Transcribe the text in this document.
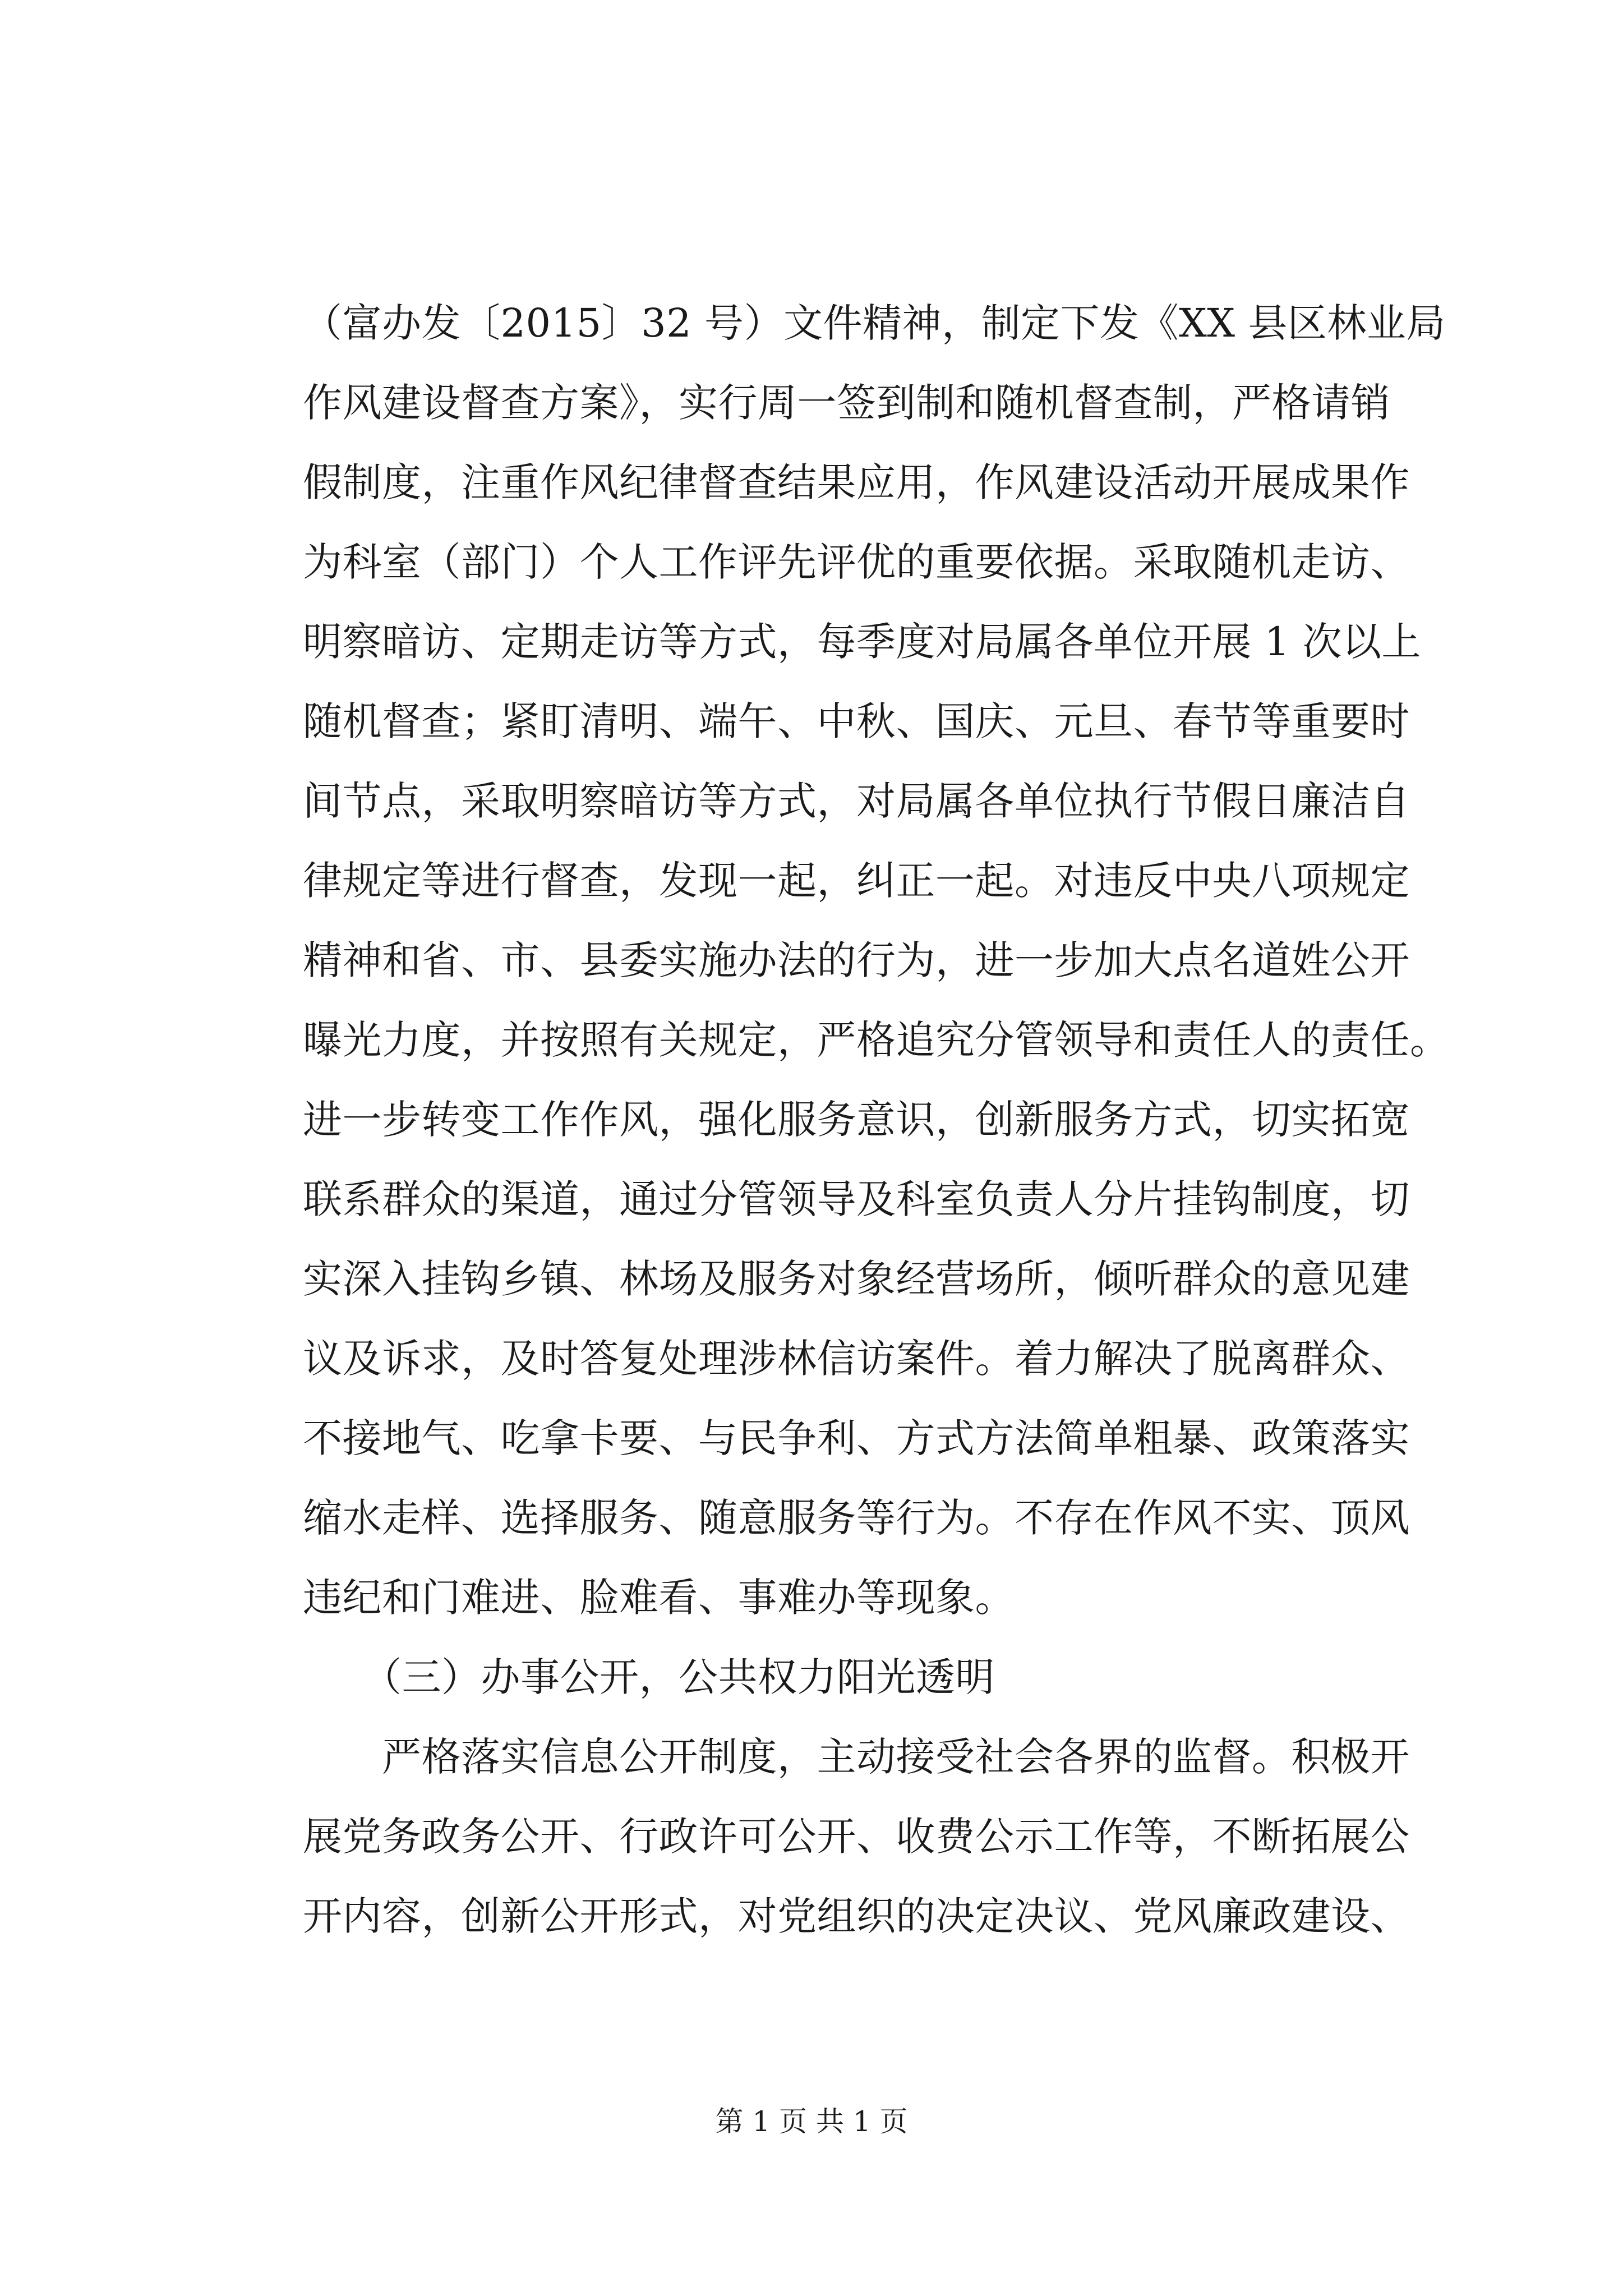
（富办发〔2015〕32 号）文件精神，制定下发《XX 县区林业局
作风建设督查方案》，实行周一签到制和随机督查制，严格请销
假制度，注重作风纪律督查结果应用，作风建设活动开展成果作
为科室（部门）个人工作评先评优的重要依据。采取随机走访、
明察暗访、定期走访等方式，每季度对局属各单位开展 1 次以上
随机督查；紧盯清明、端午、中秋、国庆、元旦、春节等重要时
间节点，采取明察暗访等方式，对局属各单位执行节假日廉洁自
律规定等进行督查，发现一起，纠正一起。对违反中央八项规定
精神和省、市、县委实施办法的行为，进一步加大点名道姓公开
曝光力度，并按照有关规定，严格追究分管领导和责任人的责任。
进一步转变工作作风，强化服务意识，创新服务方式，切实拓宽
联系群众的渠道，通过分管领导及科室负责人分片挂钩制度，切
实深入挂钩乡镇、林场及服务对象经营场所，倾听群众的意见建
议及诉求，及时答复处理涉林信访案件。着力解决了脱离群众、
不接地气、吃拿卡要、与民争利、方式方法简单粗暴、政策落实
缩水走样、选择服务、随意服务等行为。不存在作风不实、顶风
违纪和门难进、脸难看、事难办等现象。
　　（三）办事公开，公共权力阳光透明
　　严格落实信息公开制度，主动接受社会各界的监督。积极开
展党务政务公开、行政许可公开、收费公示工作等，不断拓展公
开内容，创新公开形式，对党组织的决定决议、党风廉政建设、
第 1 页 共 1 页
